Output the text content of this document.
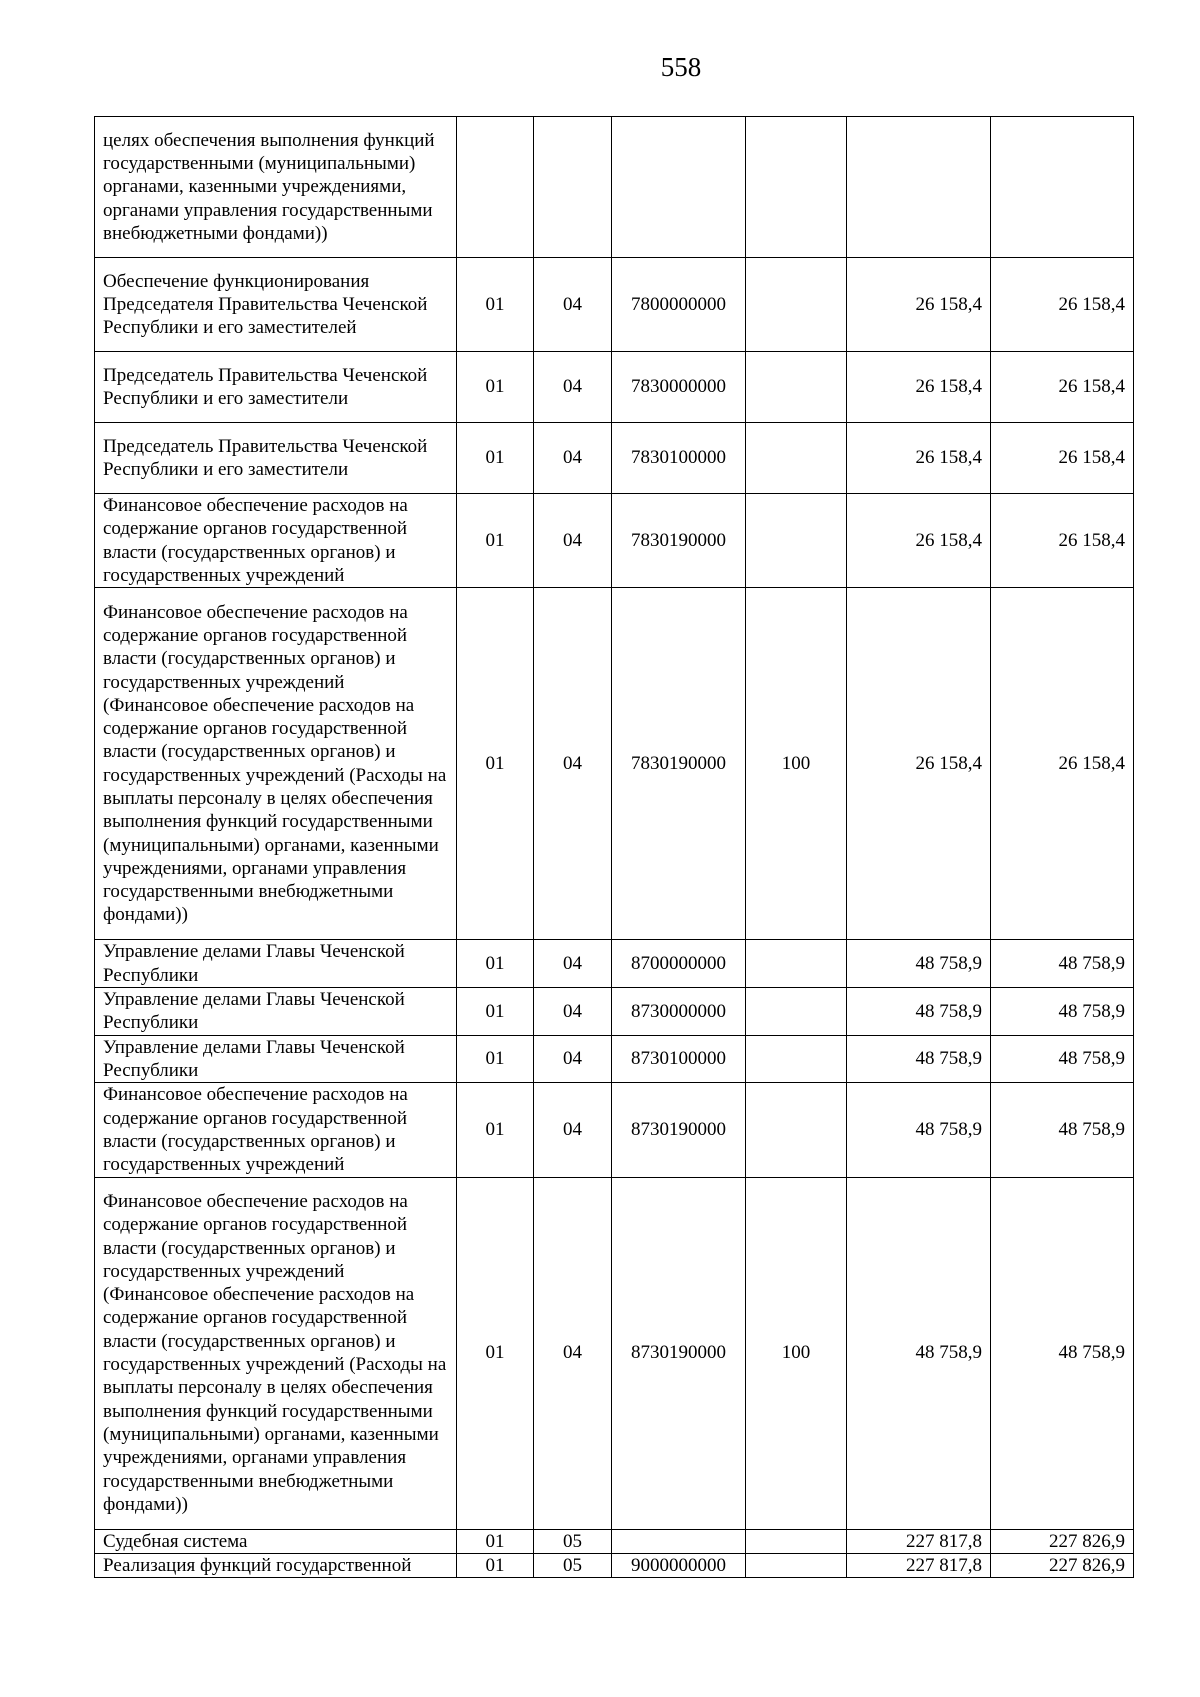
558
целях обеспечения выполнения функций государственными (муниципальными) органами, казенными учреждениями, органами управления государственными внебюджетными фондами))						
Обеспечение функционирования Председателя Правительства Чеченской Республики и его заместителей	01	04	7800000000		26 158,4	26 158,4
Председатель Правительства Чеченской Республики и его заместители	01	04	7830000000		26 158,4	26 158,4
Председатель Правительства Чеченской Республики и его заместители	01	04	7830100000		26 158,4	26 158,4
Финансовое обеспечение расходов на содержание органов государственной власти (государственных органов) и государственных учреждений	01	04	7830190000		26 158,4	26 158,4
Финансовое обеспечение расходов на содержание органов государственной власти (государственных органов) и государственных учреждений (Финансовое обеспечение расходов на содержание органов государственной власти (государственных органов) и государственных учреждений (Расходы на выплаты персоналу в целях обеспечения выполнения функций государственными (муниципальными) органами, казенными учреждениями, органами управления государственными внебюджетными фондами))	01	04	7830190000	100	26 158,4	26 158,4
Управление делами Главы Чеченской Республики	01	04	8700000000		48 758,9	48 758,9
Управление делами Главы Чеченской Республики	01	04	8730000000		48 758,9	48 758,9
Управление делами Главы Чеченской Республики	01	04	8730100000		48 758,9	48 758,9
Финансовое обеспечение расходов на содержание органов государственной власти (государственных органов) и государственных учреждений	01	04	8730190000		48 758,9	48 758,9
Финансовое обеспечение расходов на содержание органов государственной власти (государственных органов) и государственных учреждений (Финансовое обеспечение расходов на содержание органов государственной власти (государственных органов) и государственных учреждений (Расходы на выплаты персоналу в целях обеспечения выполнения функций государственными (муниципальными) органами, казенными учреждениями, органами управления государственными внебюджетными фондами))	01	04	8730190000	100	48 758,9	48 758,9
Судебная система	01	05			227 817,8	227 826,9
Реализация функций государственной	01	05	9000000000		227 817,8	227 826,9
